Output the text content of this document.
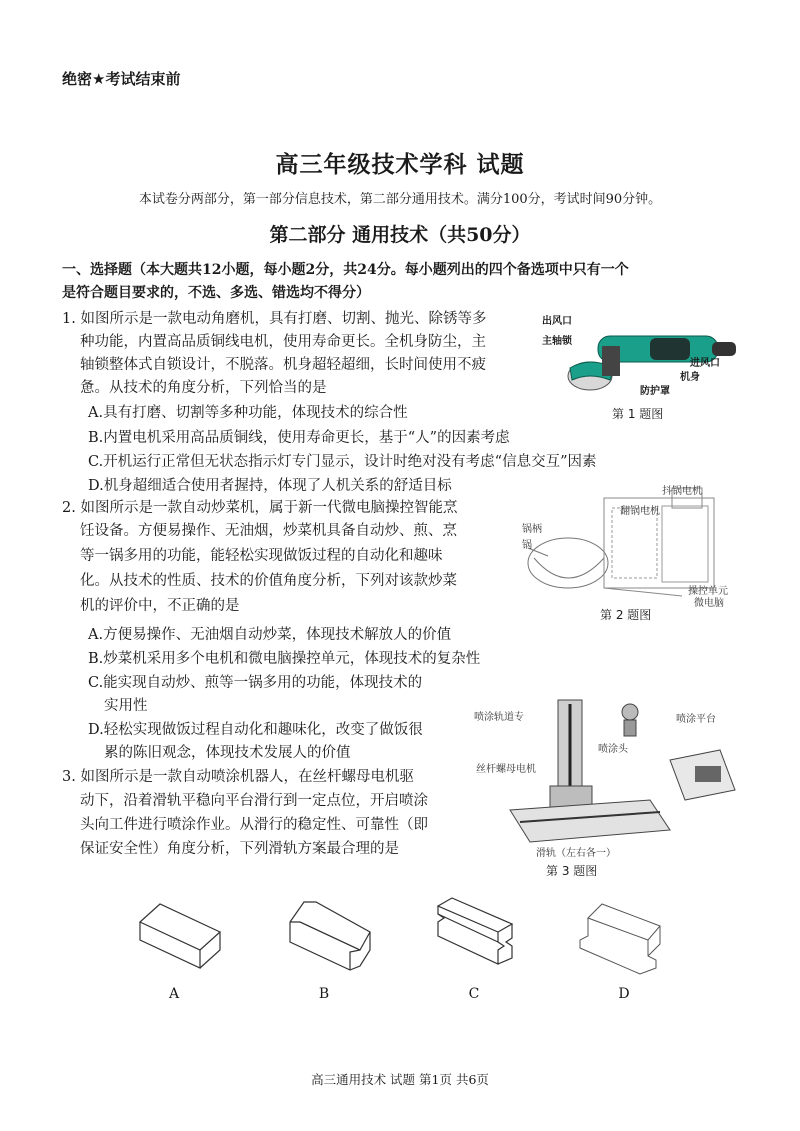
绝密★考试结束前
高三年级技术学科 试题
本试卷分两部分，第一部分信息技术，第二部分通用技术。满分100分，考试时间90分钟。
第二部分 通用技术（共50分）
一、选择题（本大题共12小题，每小题2分，共24分。每小题列出的四个备选项中只有一个
是符合题目要求的，不选、多选、错选均不得分）
1. 如图所示是一款电动角磨机，具有打磨、切割、抛光、除锈等多
种功能，内置高品质铜线电机，使用寿命更长。全机身防尘，主
轴锁整体式自锁设计，不脱落。机身超轻超细，长时间使用不疲
惫。从技术的角度分析，下列恰当的是
A.具有打磨、切割等多种功能，体现技术的综合性
B.内置电机采用高品质铜线，使用寿命更长，基于“人”的因素考虑
C.开机运行正常但无状态指示灯专门显示，设计时绝对没有考虑“信息交互”因素
D.机身超细适合使用者握持，体现了人机关系的舒适目标
出风口
主轴锁
进风口
机身
防护罩
第 1 题图
2. 如图所示是一款自动炒菜机，属于新一代微电脑操控智能烹
饪设备。方便易操作、无油烟，炒菜机具备自动炒、煎、烹
等一锅多用的功能，能轻松实现做饭过程的自动化和趣味
化。从技术的性质、技术的价值角度分析，下列对该款炒菜
机的评价中，不正确的是
A.方便易操作、无油烟自动炒菜，体现技术解放人的价值
B.炒菜机采用多个电机和微电脑操控单元，体现技术的复杂性
C.能实现自动炒、煎等一锅多用的功能，体现技术的
实用性
D.轻松实现做饭过程自动化和趣味化，改变了做饭很
累的陈旧观念，体现技术发展人的价值
抖锅电机
翻锅电机
锅柄
锅
操控单元
微电脑
第 2 题图
喷涂轨道专	喷涂平台
喷涂头
丝杆螺母电机
滑轨（左右各一）
第 3 题图
3. 如图所示是一款自动喷涂机器人，在丝杆螺母电机驱
动下，沿着滑轨平稳向平台滑行到一定点位，开启喷涂
头向工件进行喷涂作业。从滑行的稳定性、可靠性（即
保证安全性）角度分析，下列滑轨方案最合理的是
A	B	C	D
高三通用技术 试题 第1页 共6页
